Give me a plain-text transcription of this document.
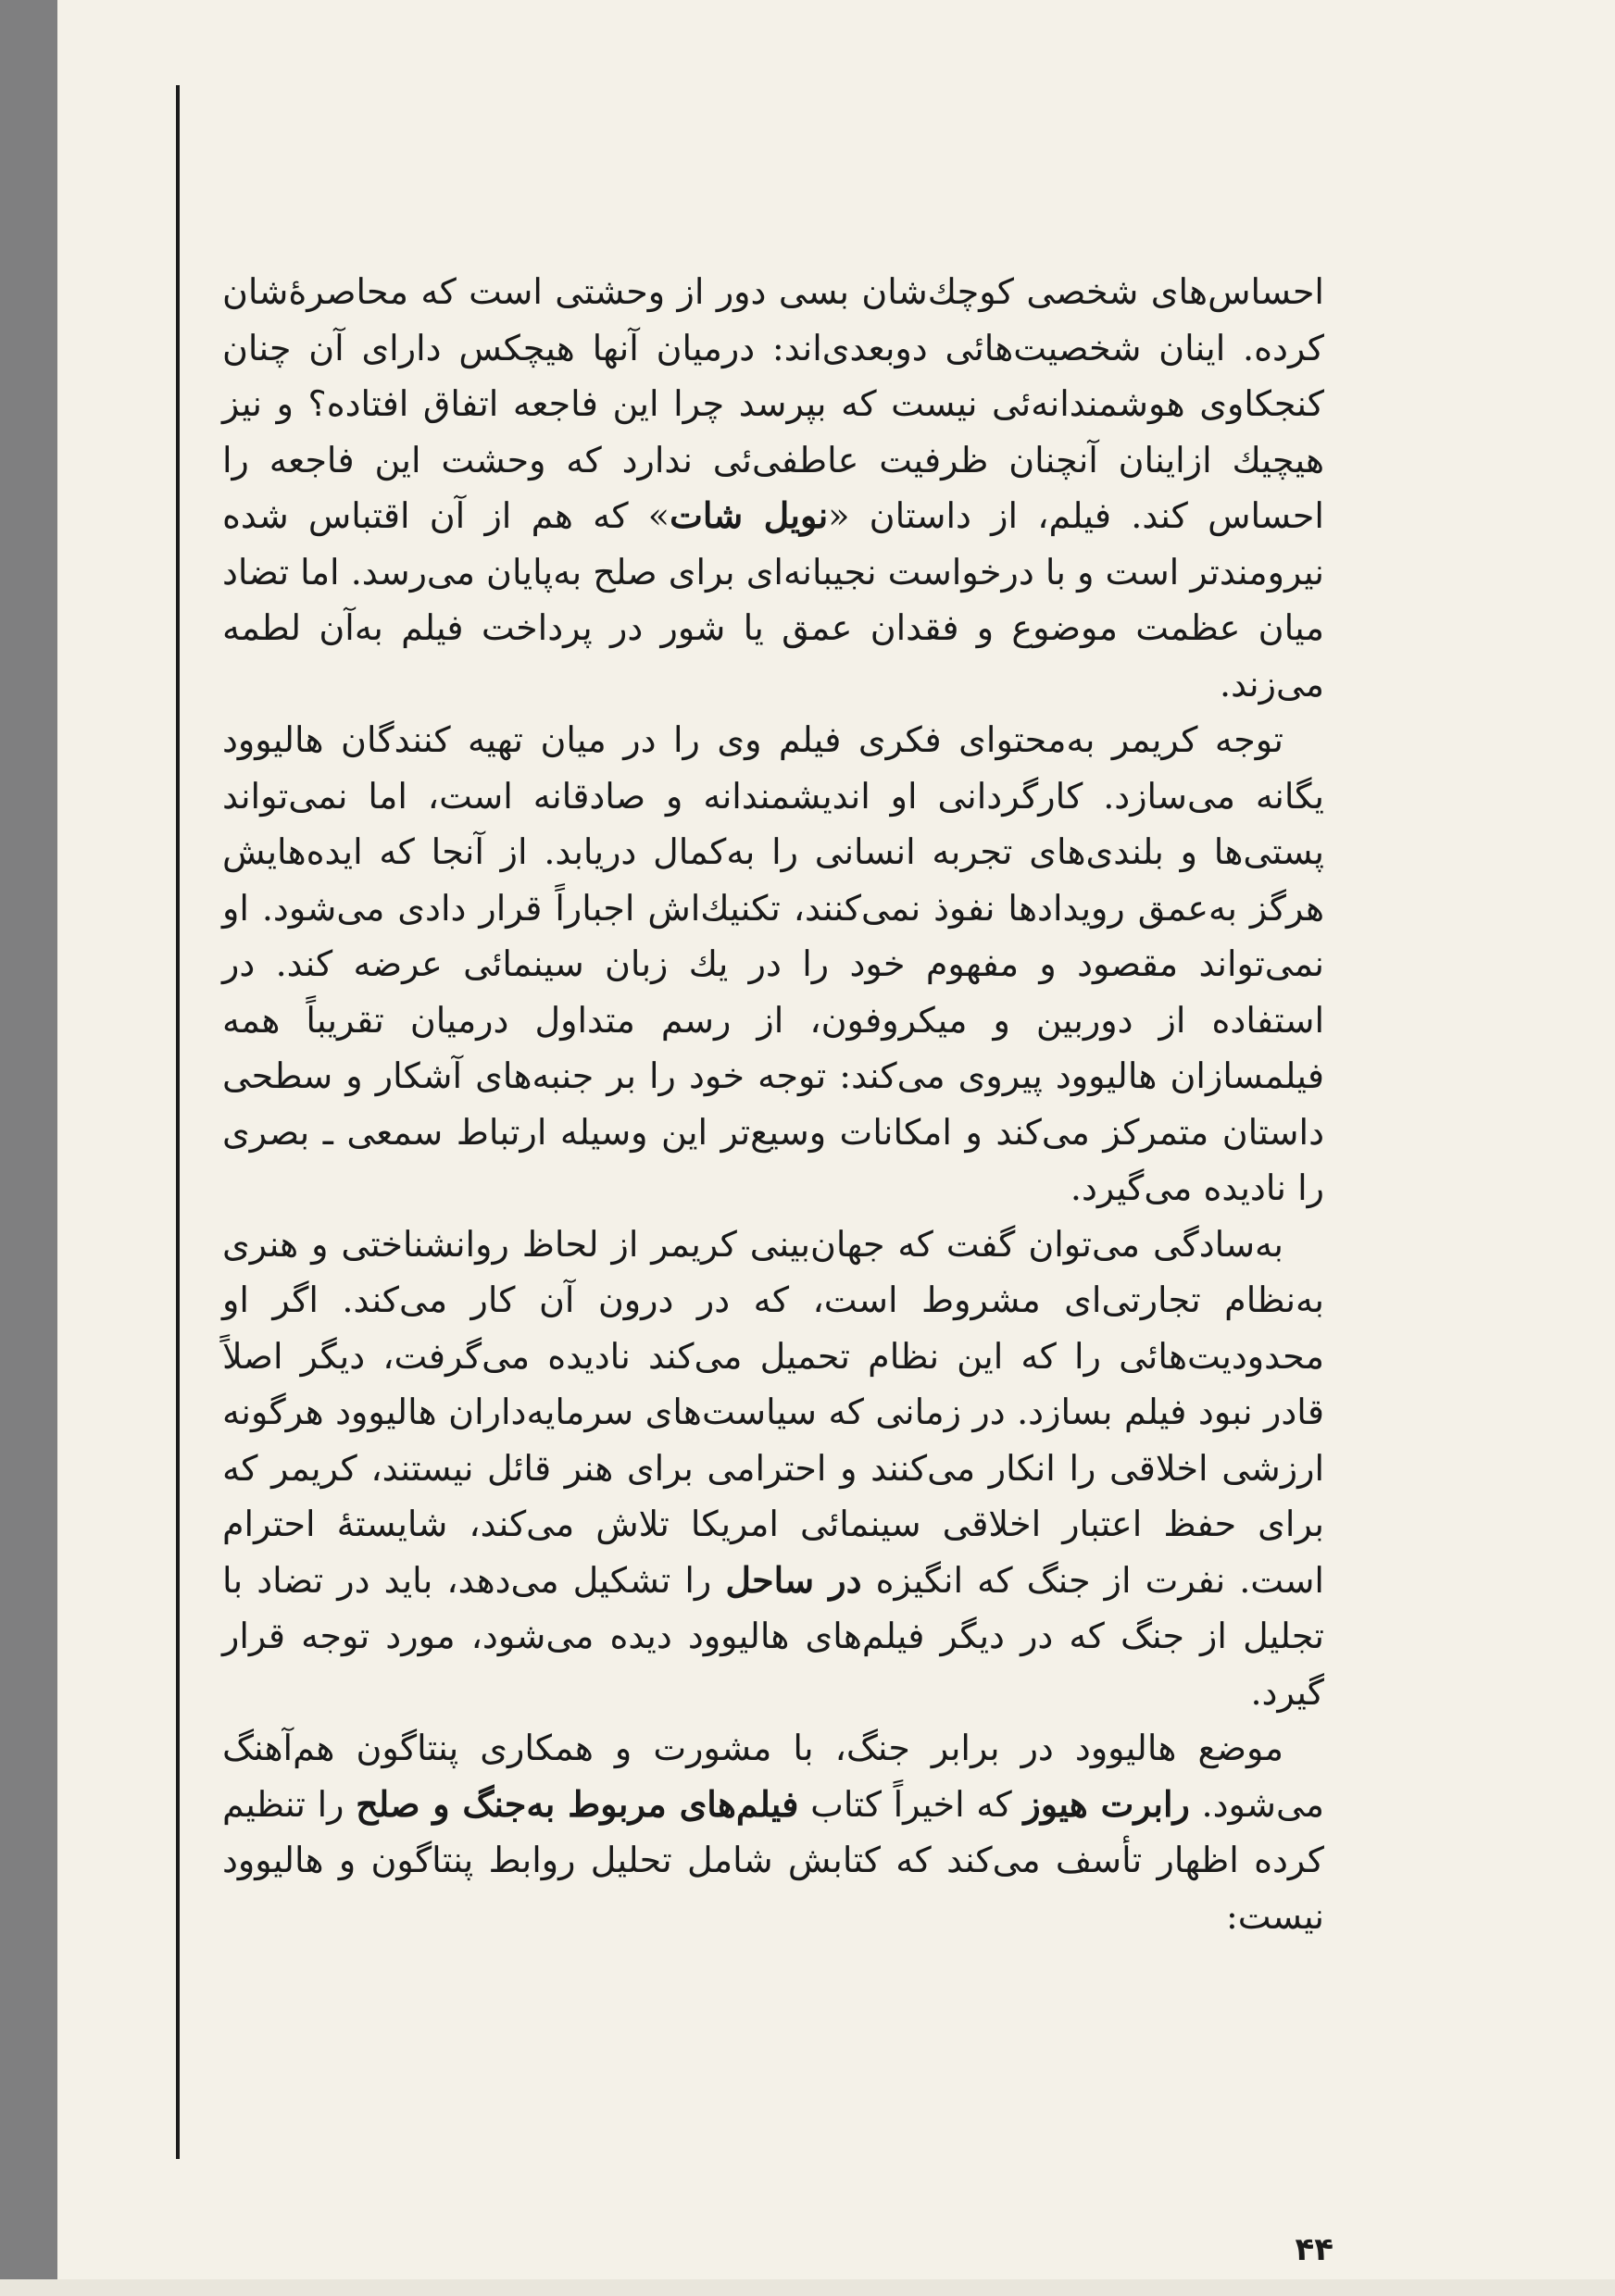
احساس‌های شخصی کوچك‌شان بسی دور از وحشتی است که محاصرهٔ‌شان کرده. اینان شخصیت‌هائی دوبعدی‌اند: درمیان آنها هیچکس دارای آن چنان کنجکاوی هوشمندانه‌ئی نیست که بپرسد چرا این فاجعه اتفاق افتاده؟ و نیز هیچیك ازاینان آنچنان ظرفیت عاطفی‌ئی ندارد که وحشت این فاجعه را احساس کند. فیلم، از داستان «نویل شات» که هم از آن اقتباس شده نیرومندتر است و با درخواست نجیبانه‌ای برای صلح به‌پایان می‌رسد. اما تضاد میان عظمت موضوع و فقدان عمق یا شور در پرداخت فیلم به‌آن لطمه می‌زند.

توجه کریمر به‌محتوای فکری فیلم وی را در میان تهیه کنندگان هالیوود یگانه می‌سازد. کارگردانی او اندیشمندانه و صادقانه است، اما نمی‌تواند پستی‌ها و بلندی‌های تجربه انسانی را به‌کمال دریابد. از آنجا که ایده‌هایش هرگز به‌عمق رویدادها نفوذ نمی‌کنند، تکنیك‌اش اجباراً قرار دادی می‌شود. او نمی‌تواند مقصود و مفهوم خود را در یك زبان سینمائی عرضه کند. در استفاده از دوربین و میکروفون، از رسم متداول درمیان تقریباً همه فیلمسازان هالیوود پیروی می‌کند: توجه خود را بر جنبه‌های آشکار و سطحی داستان متمرکز می‌کند و امکانات وسیع‌تر این وسیله ارتباط سمعی ـ بصری را نادیده می‌گیرد.

به‌سادگی می‌توان گفت که جهان‌بینی کریمر از لحاظ روانشناختی و هنری به‌نظام تجارتی‌ای مشروط است، که در درون آن کار می‌کند. اگر او محدودیت‌هائی را که این نظام تحمیل می‌کند نادیده می‌گرفت، دیگر اصلاً قادر نبود فیلم بسازد. در زمانی که سیاست‌های سرمایه‌داران هالیوود هرگونه ارزشی اخلاقی را انکار می‌کنند و احترامی برای هنر قائل نیستند، کریمر که برای حفظ اعتبار اخلاقی سینمائی امریکا تلاش می‌کند، شایستهٔ احترام است. نفرت از جنگ که انگیزه در ساحل را تشکیل می‌دهد، باید در تضاد با تجلیل از جنگ که در دیگر فیلم‌های هالیوود دیده می‌شود، مورد توجه قرار گیرد.

موضع هالیوود در برابر جنگ، با مشورت و همکاری پنتاگون هم‌آهنگ می‌شود. رابرت هیوز که اخیراً کتاب فیلم‌های مربوط به‌جنگ و صلح را تنظیم کرده اظهار تأسف می‌کند که کتابش شامل تحلیل روابط پنتاگون و هالیوود نیست:

۴۴
